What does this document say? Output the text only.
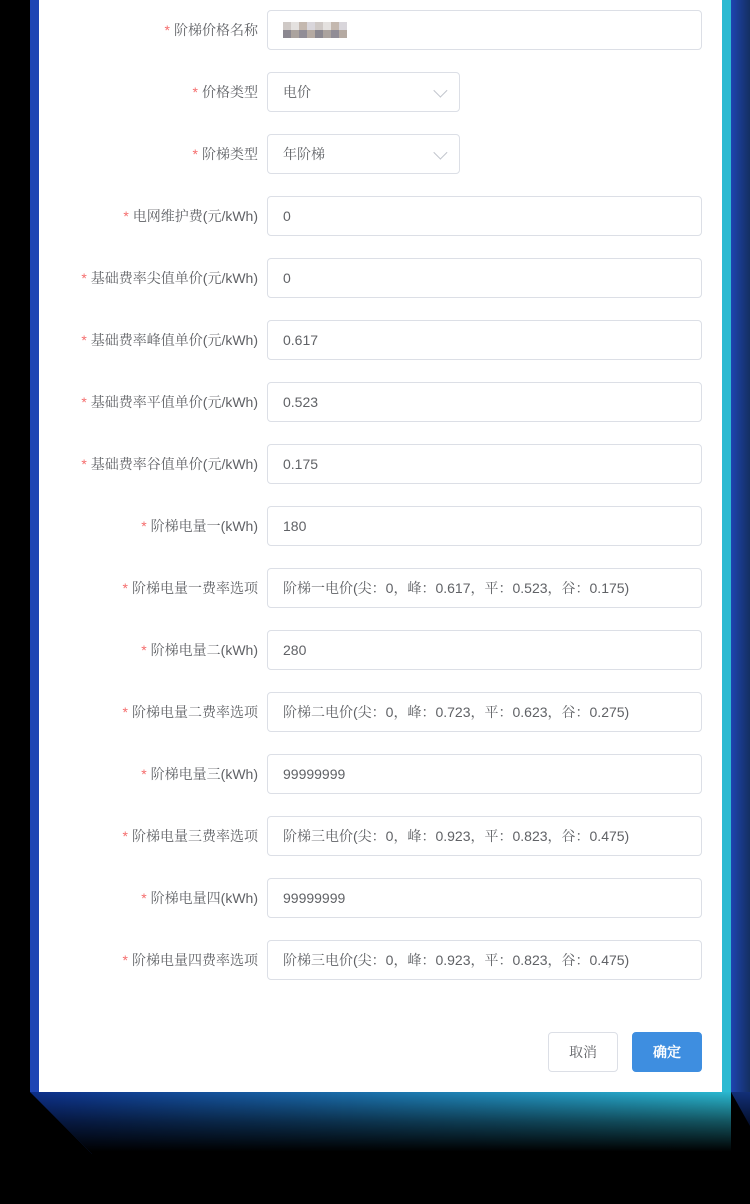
* 阶梯价格名称
* 价格类型 电价
* 阶梯类型 年阶梯
* 电网维护费(元/kWh) 0
* 基础费率尖值单价(元/kWh) 0
* 基础费率峰值单价(元/kWh) 0.617
* 基础费率平值单价(元/kWh) 0.523
* 基础费率谷值单价(元/kWh) 0.175
* 阶梯电量一(kWh) 180
* 阶梯电量一费率选项 阶梯一电价(尖：0，峰：0.617，平：0.523，谷：0.175)
* 阶梯电量二(kWh) 280
* 阶梯电量二费率选项 阶梯二电价(尖：0，峰：0.723，平：0.623，谷：0.275)
* 阶梯电量三(kWh) 99999999
* 阶梯电量三费率选项 阶梯三电价(尖：0，峰：0.923，平：0.823，谷：0.475)
* 阶梯电量四(kWh) 99999999
* 阶梯电量四费率选项 阶梯三电价(尖：0，峰：0.923，平：0.823，谷：0.475)
取消	确定
